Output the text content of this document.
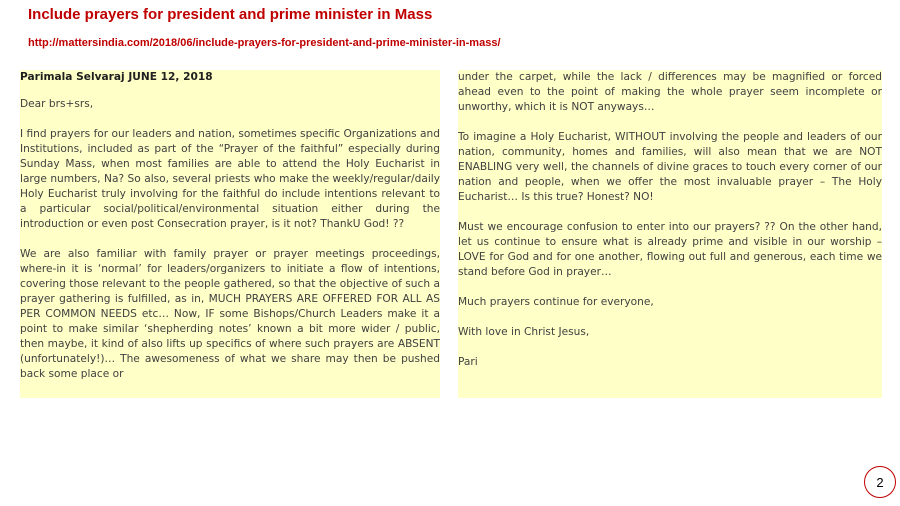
Include prayers for president and prime minister in Mass
http://mattersindia.com/2018/06/include-prayers-for-president-and-prime-minister-in-mass/

Parimala Selvaraj JUNE 12, 2018

Dear brs+srs,

I find prayers for our leaders and nation, sometimes specific Organizations and Institutions, included as part of the “Prayer of the faithful” especially during Sunday Mass, when most families are able to attend the Holy Eucharist in large numbers, Na? So also, several priests who make the weekly/regular/daily Holy Eucharist truly involving for the faithful do include intentions relevant to a particular social/political/environmental situation either during the introduction or even post Consecration prayer, is it not? ThankU God! ??

We are also familiar with family prayer or prayer meetings proceedings, where-in it is ‘normal’ for leaders/organizers to initiate a flow of intentions, covering those relevant to the people gathered, so that the objective of such a prayer gathering is fulfilled, as in, MUCH PRAYERS ARE OFFERED FOR ALL AS PER COMMON NEEDS etc… Now, IF some Bishops/Church Leaders make it a point to make similar ‘shepherding notes’ known a bit more wider / public, then maybe, it kind of also lifts up specifics of where such prayers are ABSENT (unfortunately!)… The awesomeness of what we share may then be pushed back some place or

under the carpet, while the lack / differences may be magnified or forced ahead even to the point of making the whole prayer seem incomplete or unworthy, which it is NOT anyways…

To imagine a Holy Eucharist, WITHOUT involving the people and leaders of our nation, community, homes and families, will also mean that we are NOT ENABLING very well, the channels of divine graces to touch every corner of our nation and people, when we offer the most invaluable prayer – The Holy Eucharist… Is this true? Honest? NO!

Must we encourage confusion to enter into our prayers? ?? On the other hand, let us continue to ensure what is already prime and visible in our worship – LOVE for God and for one another, flowing out full and generous, each time we stand before God in prayer…

Much prayers continue for everyone,

With love in Christ Jesus,

Pari

2
